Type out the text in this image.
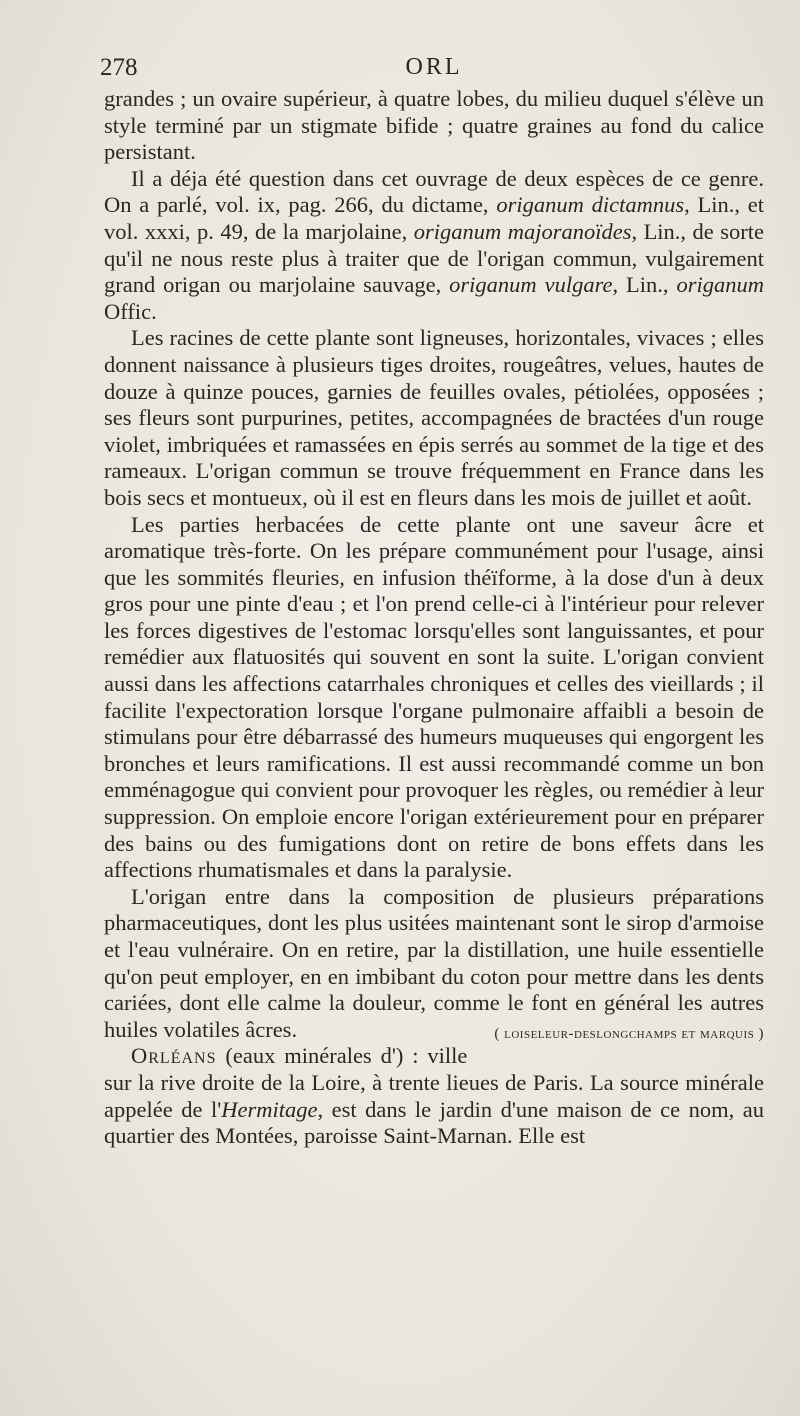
278	ORL

grandes ; un ovaire supérieur, à quatre lobes, du milieu duquel s'élève un style terminé par un stigmate bifide ; quatre graines au fond du calice persistant.

Il a déja été question dans cet ouvrage de deux espèces de ce genre. On a parlé, vol. ix, pag. 266, du dictame, origanum dictamnus, Lin., et vol. xxxi, p. 49, de la marjolaine, origanum majoranoïdes, Lin., de sorte qu'il ne nous reste plus à traiter que de l'origan commun, vulgairement grand origan ou marjolaine sauvage, origanum vulgare, Lin., origanum Offic.

Les racines de cette plante sont ligneuses, horizontales, vivaces ; elles donnent naissance à plusieurs tiges droites, rougeâtres, velues, hautes de douze à quinze pouces, garnies de feuilles ovales, pétiolées, opposées ; ses fleurs sont purpurines, petites, accompagnées de bractées d'un rouge violet, imbriquées et ramassées en épis serrés au sommet de la tige et des rameaux. L'origan commun se trouve fréquemment en France dans les bois secs et montueux, où il est en fleurs dans les mois de juillet et août.

Les parties herbacées de cette plante ont une saveur âcre et aromatique très-forte. On les prépare communément pour l'usage, ainsi que les sommités fleuries, en infusion théïforme, à la dose d'un à deux gros pour une pinte d'eau ; et l'on prend celle-ci à l'intérieur pour relever les forces digestives de l'estomac lorsqu'elles sont languissantes, et pour remédier aux flatuosités qui souvent en sont la suite. L'origan convient aussi dans les affections catarrhales chroniques et celles des vieillards ; il facilite l'expectoration lorsque l'organe pulmonaire affaibli a besoin de stimulans pour être débarrassé des humeurs muqueuses qui engorgent les bronches et leurs ramifications. Il est aussi recommandé comme un bon emménagogue qui convient pour provoquer les règles, ou remédier à leur suppression. On emploie encore l'origan extérieurement pour en préparer des bains ou des fumigations dont on retire de bons effets dans les affections rhumatismales et dans la paralysie.

L'origan entre dans la composition de plusieurs préparations pharmaceutiques, dont les plus usitées maintenant sont le sirop d'armoise et l'eau vulnéraire. On en retire, par la distillation, une huile essentielle qu'on peut employer, en en imbibant du coton pour mettre dans les dents cariées, dont elle calme la douleur, comme le font en général les autres huiles volatiles âcres.	( loiseleur-deslongchamps et marquis )

Orléans (eaux minérales d') : ville sur la rive droite de la Loire, à trente lieues de Paris. La source minérale appelée de l'Hermitage, est dans le jardin d'une maison de ce nom, au quartier des Montées, paroisse Saint-Marnan. Elle est
